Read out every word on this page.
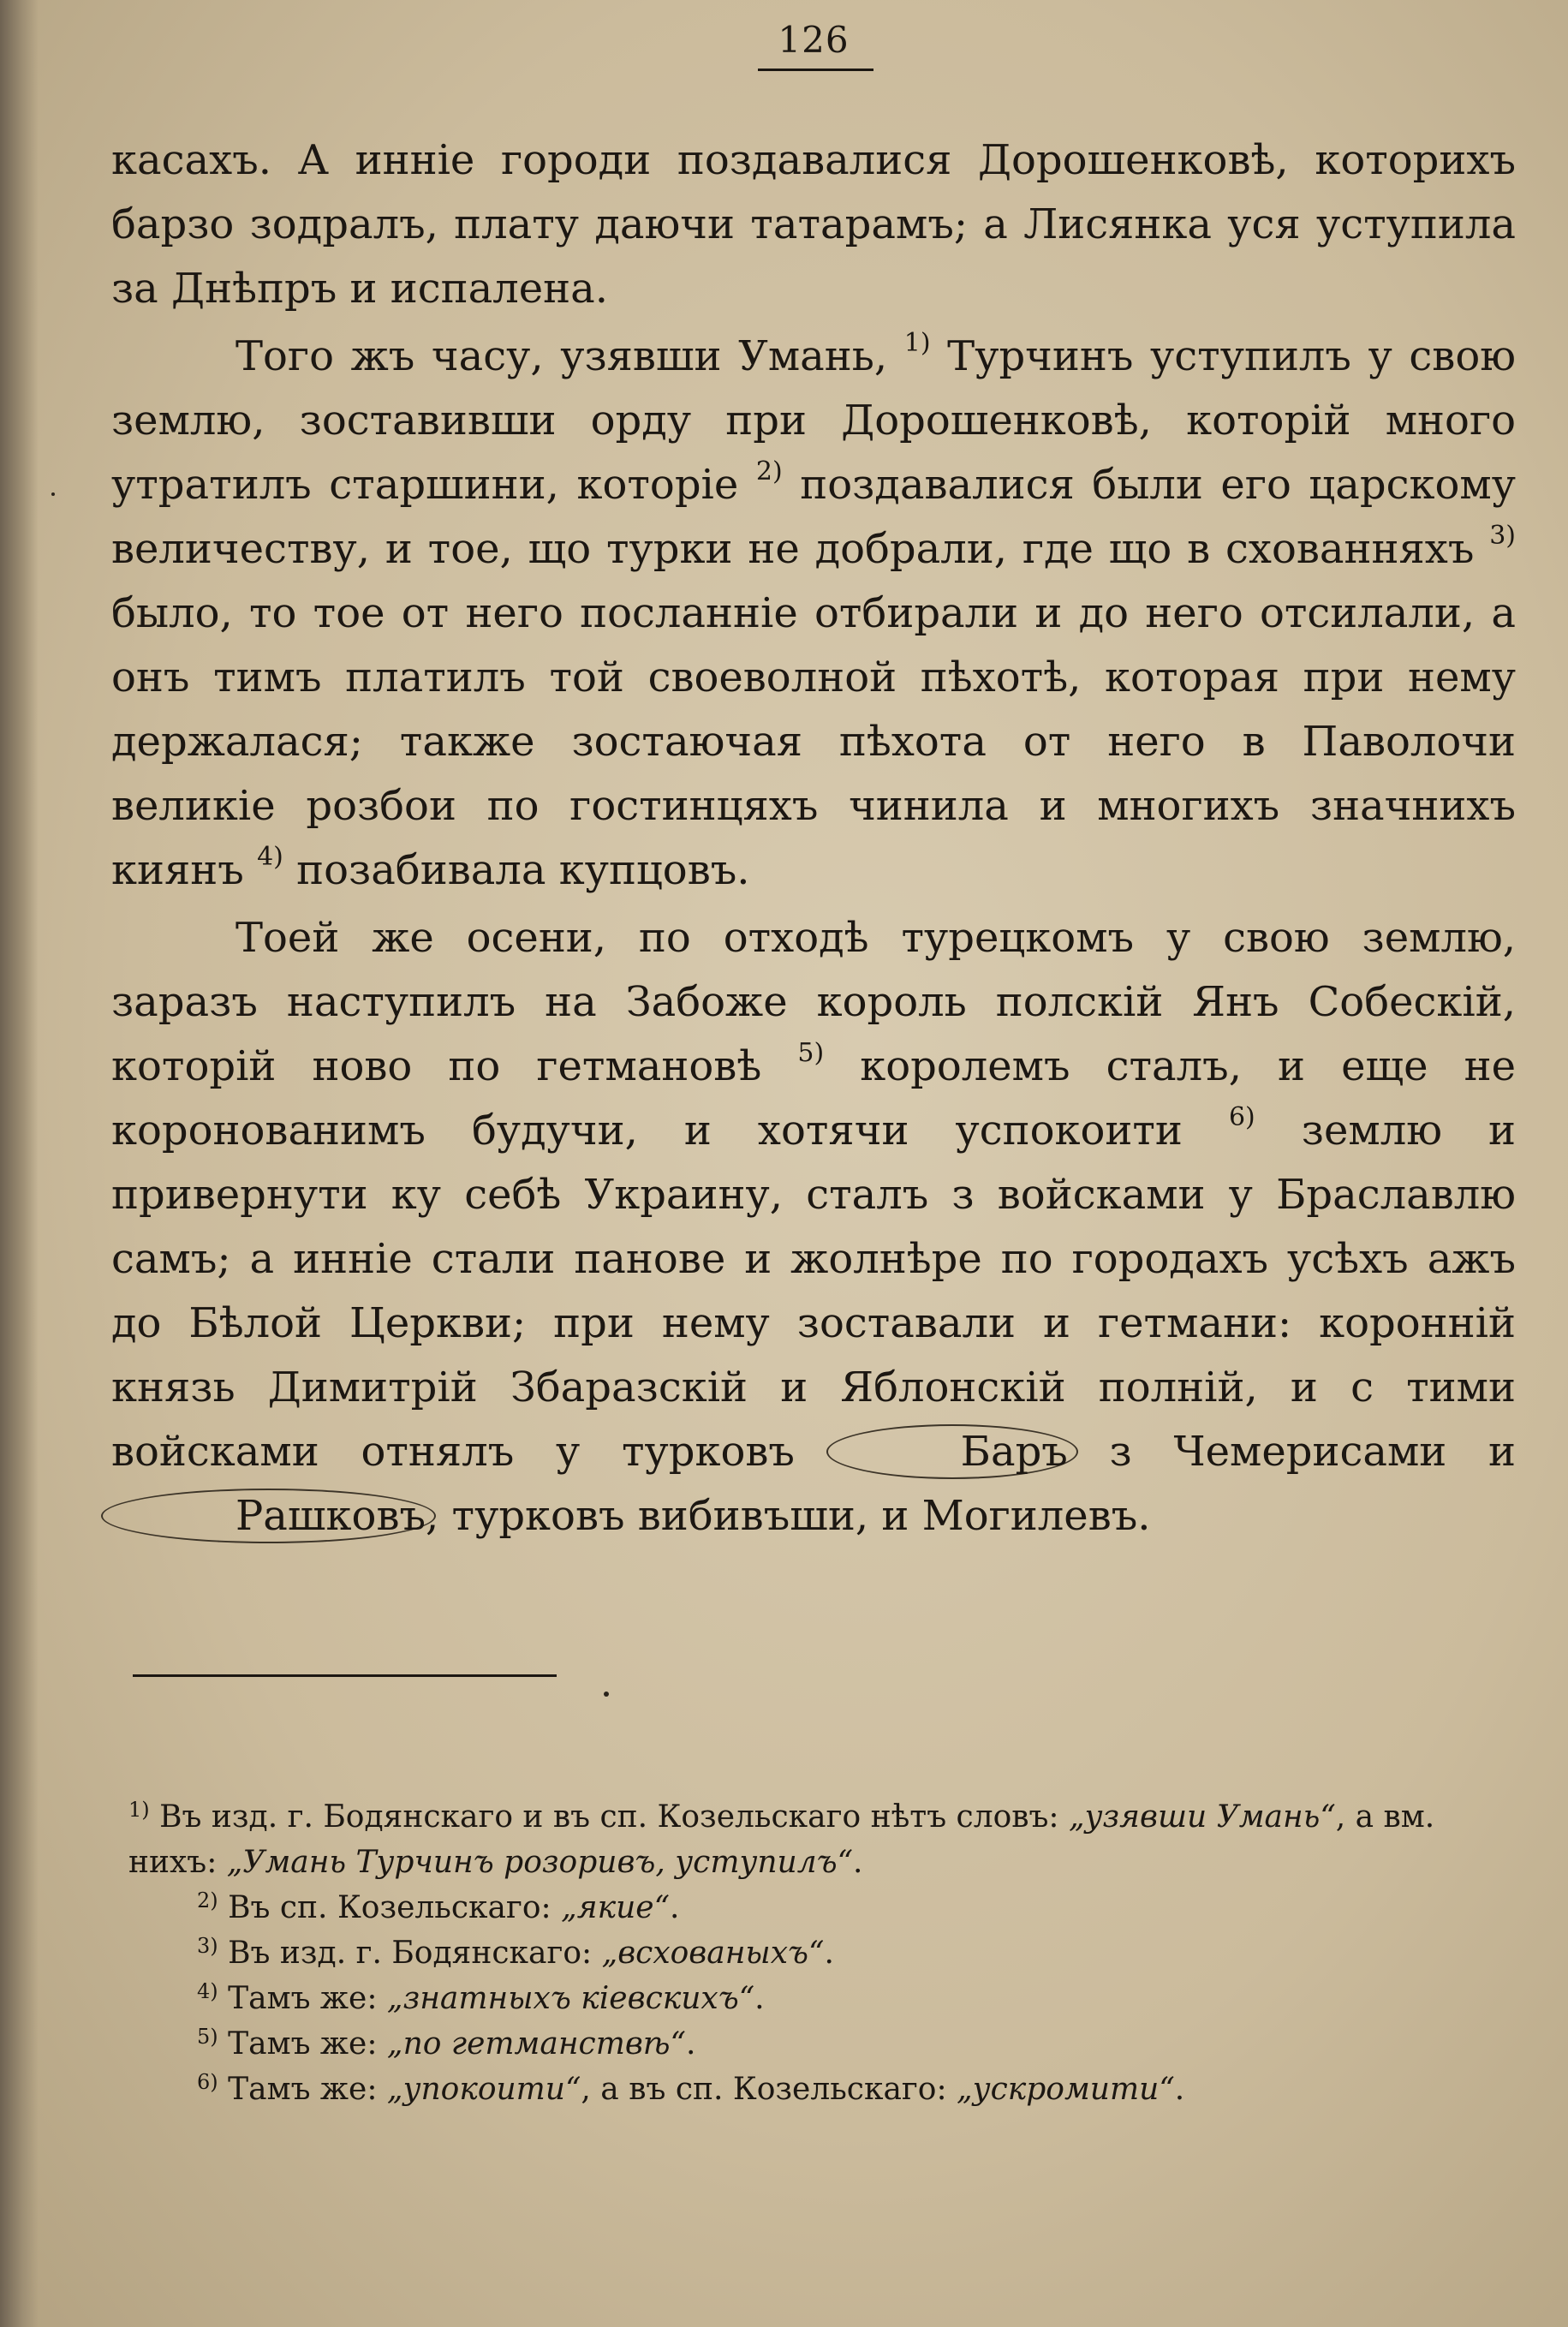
126

касахъ. А инніе городи поздавалися Дорошенковѣ, которихъ барзо зодралъ, плату даючи татарамъ; а Лисянка уся уступила за Днѣпръ и испалена.

Того жъ часу, узявши Умань, $^{1)}$ Турчинъ уступилъ у свою землю, зоставивши орду при Дорошенковѣ, которій много утратилъ старшини, которіе $^{2)}$ поздавалися были его царскому величеству, и тое, що турки не добрали, где що в схованняхъ $^{3)}$ было, то тое от него посланніе отбирали и до него отсилали, а онъ тимъ платилъ той своеволной пѣхотѣ, которая при нему держалася; также зостаючая пѣхота от него в Паволочи великіе розбои по гостинцяхъ чинила и многихъ значнихъ киянъ $^{4)}$ позабивала купцовъ.

Тоей же осени, по отходѣ турецкомъ у свою землю, заразъ наступилъ на Забоже король полскій Янъ Собескій, которій ново по гетмановѣ $^{5)}$ королемъ сталъ, и еще не коронованимъ будучи, и хотячи успокоити $^{6)}$ землю и привернути ку себѣ Украину, сталъ з войсками у Браславлю самъ; а инніе стали панове и жолнѣре по городахъ усѣхъ ажъ до Бѣлой Церкви; при нему зоставали и гетмани: коронній князь Димитрій Збаразскій и Яблонскій полній, и с тими войсками отнялъ у турковъ	Баръ з Чемерисами и Рашковъ, турковъ вибивъши, и Могилевъ.

$^{1)}$ Въ изд. г. Бодянскаго и въ сп. Козельскаго нѣтъ словъ: „узявши Умань“, а вм. нихъ: „Умань Турчинъ розоривъ, уступилъ“.

$^{2)}$ Въ сп. Козельскаго: „якие“.

$^{3)}$ Въ изд. г. Бодянскаго: „всхованыхъ“.

$^{4)}$ Тамъ же: „знатныхъ кіевскихъ“.

$^{5)}$ Тамъ же: „по гетманствѣ“.

$^{6)}$ Тамъ же: „упокоити“, а въ сп. Козельскаго: „ускромити“.
